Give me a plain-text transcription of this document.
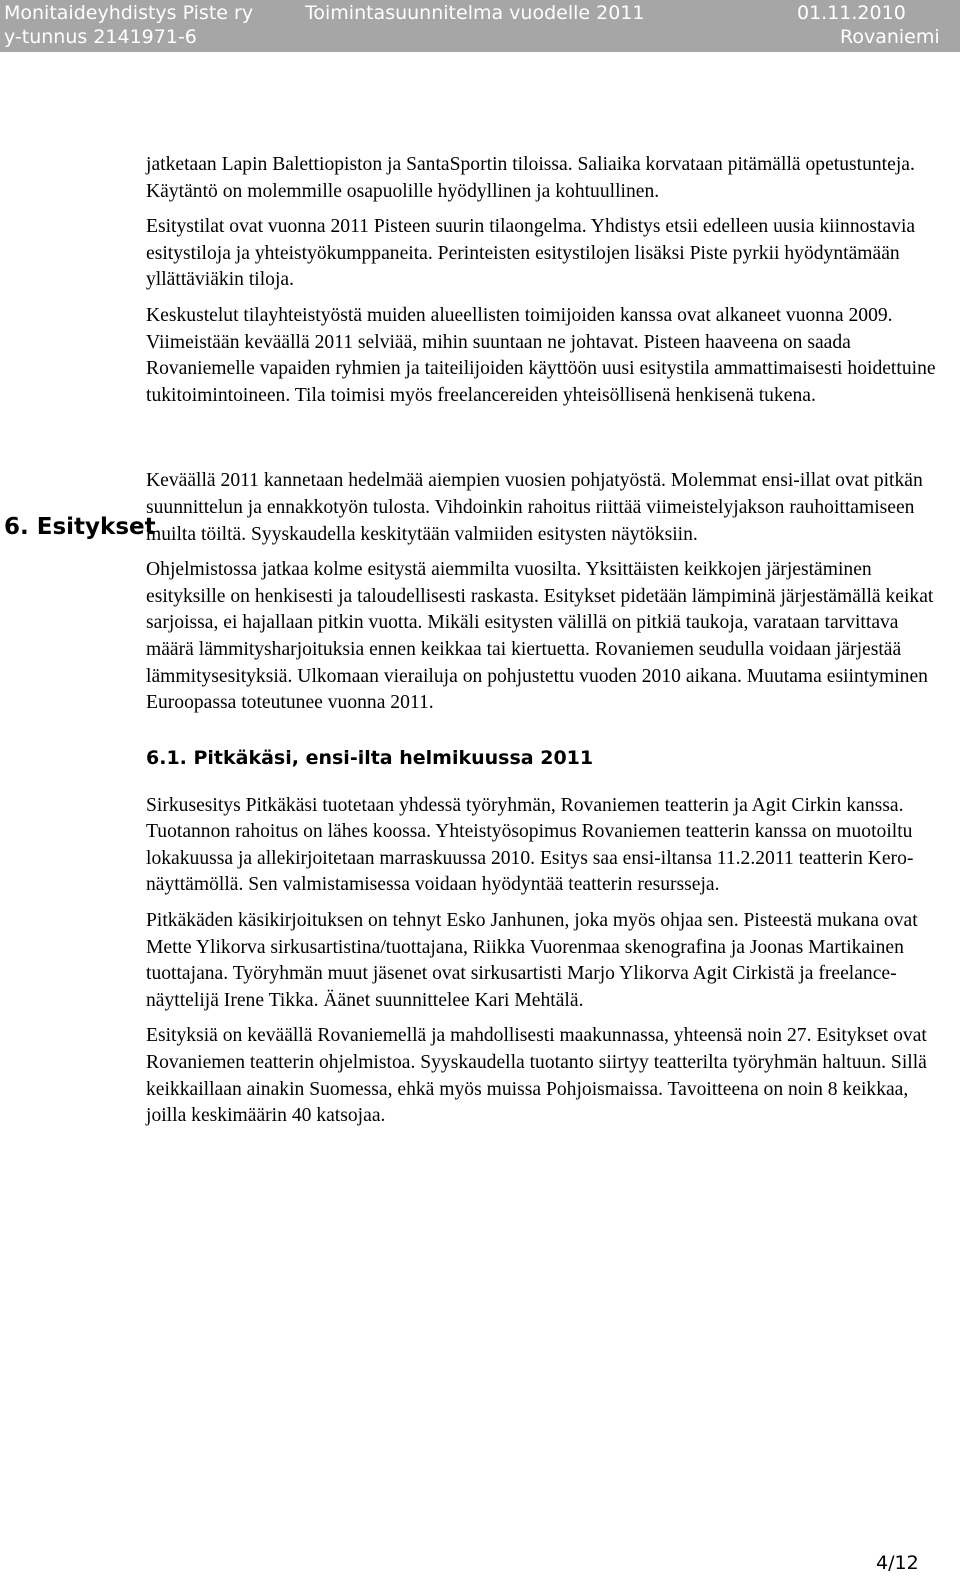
Monitaideyhdistys Piste ry
y-tunnus 2141971-6
Toimintasuunnitelma vuodelle 2011	01.11.2010
Rovaniemi
6. Esitykset

jatketaan Lapin Balettiopiston ja SantaSportin tiloissa. Saliaika korvataan pitämällä opetustunteja. Käytäntö on molemmille osapuolille hyödyllinen ja kohtuullinen.

Esitystilat ovat vuonna 2011 Pisteen suurin tilaongelma. Yhdistys etsii edelleen uusia kiinnostavia esitystiloja ja yhteistyökumppaneita. Perinteisten esitystilojen lisäksi Piste pyrkii hyödyntämään yllättäviäkin tiloja.

Keskustelut tilayhteistyöstä muiden alueellisten toimijoiden kanssa ovat alkaneet vuonna 2009. Viimeistään keväällä 2011 selviää, mihin suuntaan ne johtavat. Pisteen haaveena on saada Rovaniemelle vapaiden ryhmien ja taiteilijoiden käyttöön uusi esitystila ammattimaisesti hoidettuine tukitoimintoineen. Tila toimisi myös freelancereiden yhteisöllisenä henkisenä tukena.

Keväällä 2011 kannetaan hedelmää aiempien vuosien pohjatyöstä. Molemmat ensi-illat ovat pitkän suunnittelun ja ennakkotyön tulosta. Vihdoinkin rahoitus riittää viimeistelyjakson rauhoittamiseen muilta töiltä. Syyskaudella keskitytään valmiiden esitysten näytöksiin.

Ohjelmistossa jatkaa kolme esitystä aiemmilta vuosilta. Yksittäisten keikkojen järjestäminen esityksille on henkisesti ja taloudellisesti raskasta. Esitykset pidetään lämpiminä järjestämällä keikat sarjoissa, ei hajallaan pitkin vuotta. Mikäli esitysten välillä on pitkiä taukoja, varataan tarvittava määrä lämmitysharjoituksia ennen keikkaa tai kiertuetta. Rovaniemen seudulla voidaan järjestää lämmitysesityksiä. Ulkomaan vierailuja on pohjustettu vuoden 2010 aikana. Muutama esiintyminen Euroopassa toteutunee vuonna 2011.

6.1. Pitkäkäsi, ensi-ilta helmikuussa 2011

Sirkusesitys Pitkäkäsi tuotetaan yhdessä työryhmän, Rovaniemen teatterin ja Agit Cirkin kanssa. Tuotannon rahoitus on lähes koossa. Yhteistyösopimus Rovaniemen teatterin kanssa on muotoiltu lokakuussa ja allekirjoitetaan marraskuussa 2010. Esitys saa ensi-iltansa 11.2.2011 teatterin Kero-näyttämöllä. Sen valmistamisessa voidaan hyödyntää teatterin resursseja.

Pitkäkäden käsikirjoituksen on tehnyt Esko Janhunen, joka myös ohjaa sen. Pisteestä mukana ovat Mette Ylikorva sirkusartistina/tuottajana, Riikka Vuorenmaa skenografina ja Joonas Martikainen tuottajana. Työryhmän muut jäsenet ovat sirkusartisti Marjo Ylikorva Agit Cirkistä ja freelance-näyttelijä Irene Tikka. Äänet suunnittelee Kari Mehtälä.

Esityksiä on keväällä Rovaniemellä ja mahdollisesti maakunnassa, yhteensä noin 27. Esitykset ovat Rovaniemen teatterin ohjelmistoa. Syyskaudella tuotanto siirtyy teatterilta työryhmän haltuun. Sillä keikkaillaan ainakin Suomessa, ehkä myös muissa Pohjoismaissa. Tavoitteena on noin 8 keikkaa, joilla keskimäärin 40 katsojaa.

4/12
